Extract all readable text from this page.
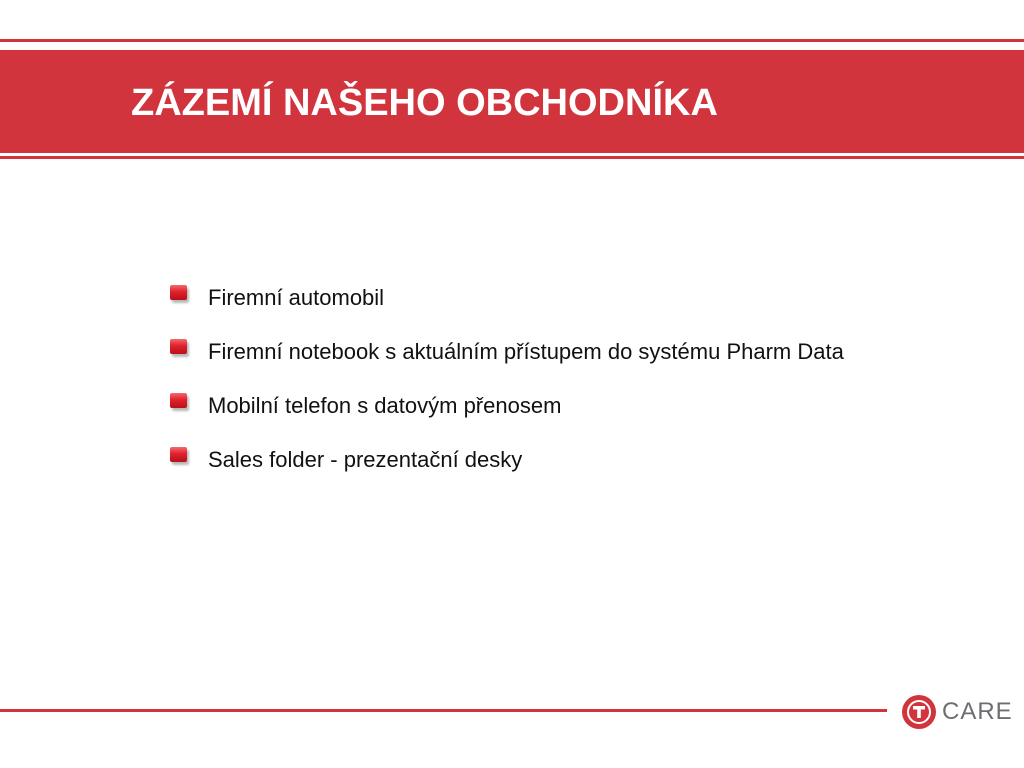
ZÁZEMÍ NAŠEHO OBCHODNÍKA
Firemní automobil
Firemní notebook s aktuálním přístupem do systému Pharm Data
Mobilní telefon s datovým přenosem
Sales folder - prezentační desky
CARE
